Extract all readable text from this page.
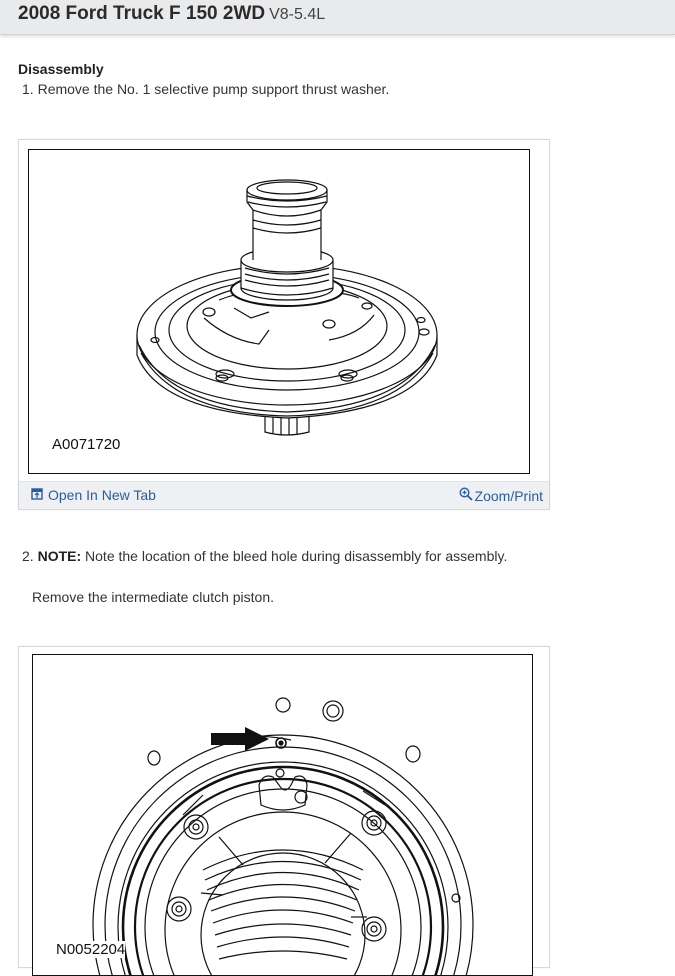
2008 Ford Truck F 150 2WD V8-5.4L
Disassembly
1. Remove the No. 1 selective pump support thrust washer.
A0071720
Open In New Tab	Zoom/Print
2. NOTE: Note the location of the bleed hole during disassembly for assembly.
Remove the intermediate clutch piston.
N0052204
